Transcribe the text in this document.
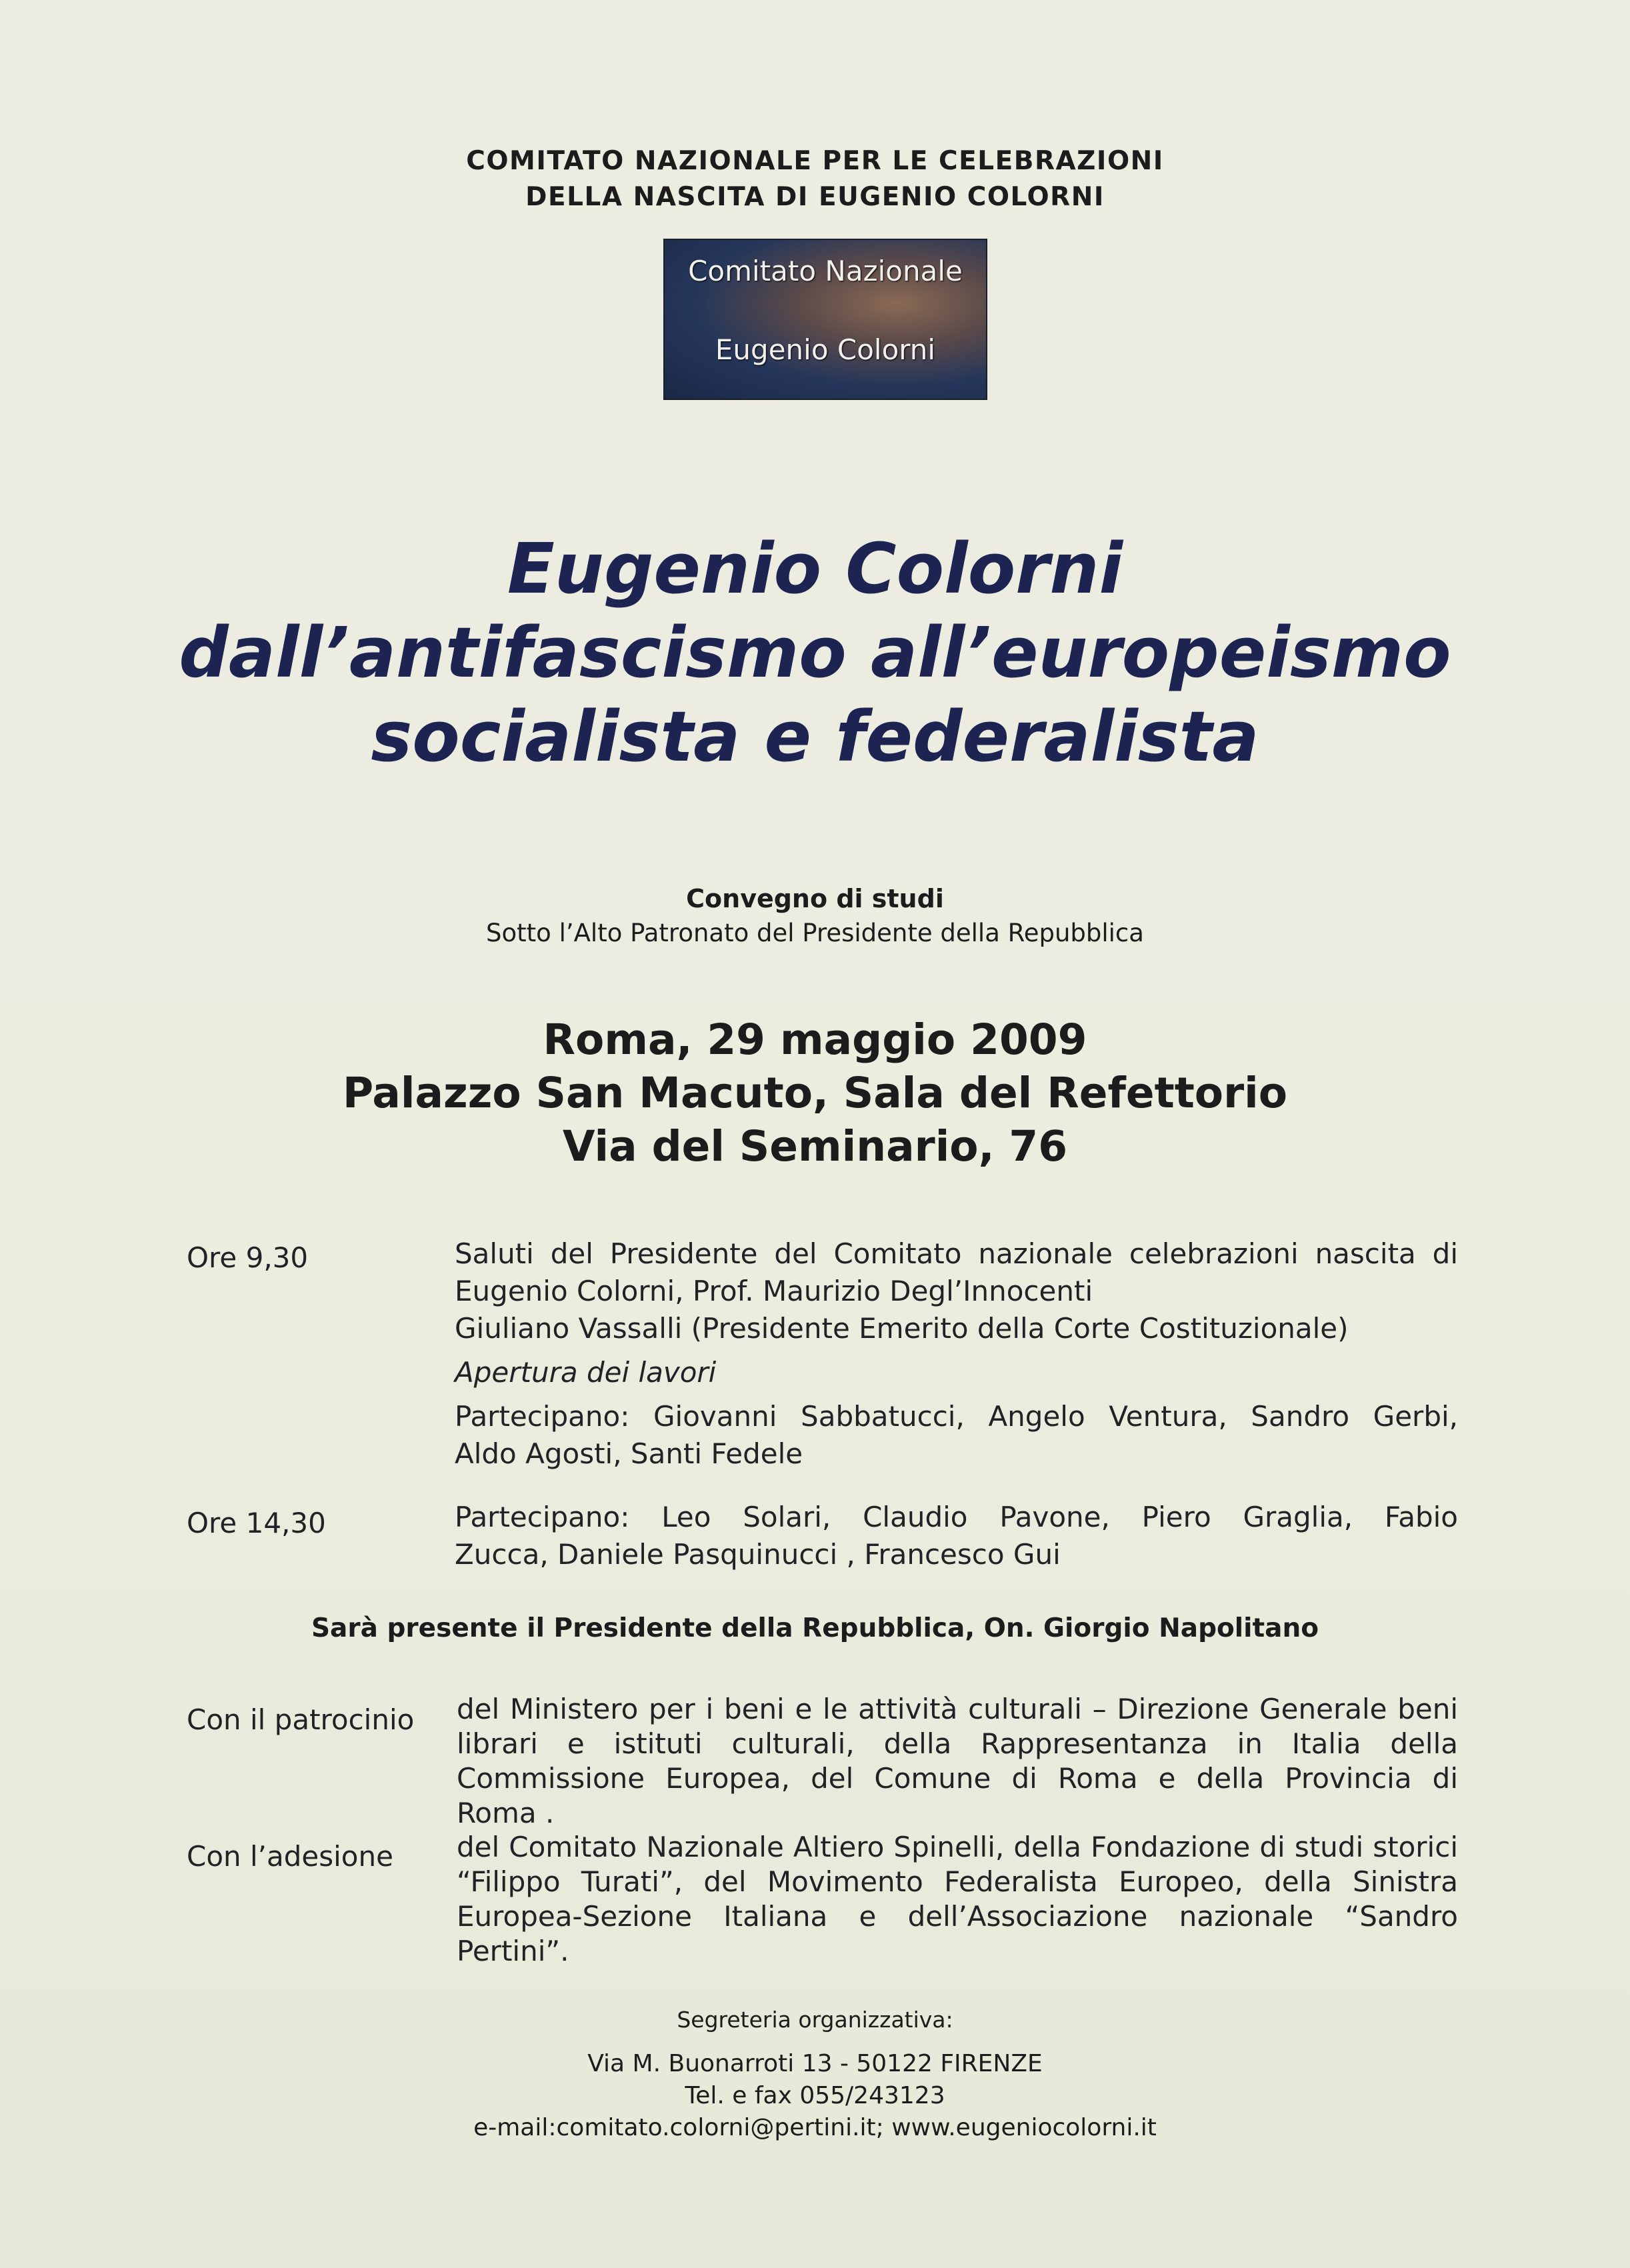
COMITATO NAZIONALE PER LE CELEBRAZIONI
DELLA NASCITA DI EUGENIO COLORNI
Comitato Nazionale
Eugenio Colorni
Eugenio Colorni
dall’antifascismo all’europeismo
socialista e federalista
Convegno di studi
Sotto l’Alto Patronato del Presidente della Repubblica
Roma, 29 maggio 2009
Palazzo San Macuto, Sala del Refettorio
Via del Seminario, 76
Ore 9,30	Saluti del Presidente del Comitato nazionale celebrazioni nascita di
Eugenio Colorni, Prof. Maurizio Degl’Innocenti
Giuliano Vassalli (Presidente Emerito della Corte Costituzionale)
Apertura dei lavori
Partecipano: Giovanni Sabbatucci, Angelo Ventura, Sandro Gerbi,
Aldo Agosti, Santi Fedele
Ore 14,30	Partecipano: Leo Solari, Claudio Pavone, Piero Graglia, Fabio
Zucca, Daniele Pasquinucci , Francesco Gui
Sarà presente il Presidente della Repubblica, On. Giorgio Napolitano
Con il patrocinio del Ministero per i beni e le attività culturali – Direzione Generale beni
librari e istituti culturali, della Rappresentanza in Italia della
Commissione Europea, del Comune di Roma e della Provincia di
Roma .
Con l’adesione del Comitato Nazionale Altiero Spinelli, della Fondazione di studi storici
“Filippo Turati”, del Movimento Federalista Europeo, della Sinistra
Europea-Sezione Italiana e dell’Associazione nazionale “Sandro
Pertini”.
Segreteria organizzativa:
Via M. Buonarroti 13 - 50122 FIRENZE
Tel. e fax 055/243123
e-mail:comitato.colorni@pertini.it; www.eugeniocolorni.it
